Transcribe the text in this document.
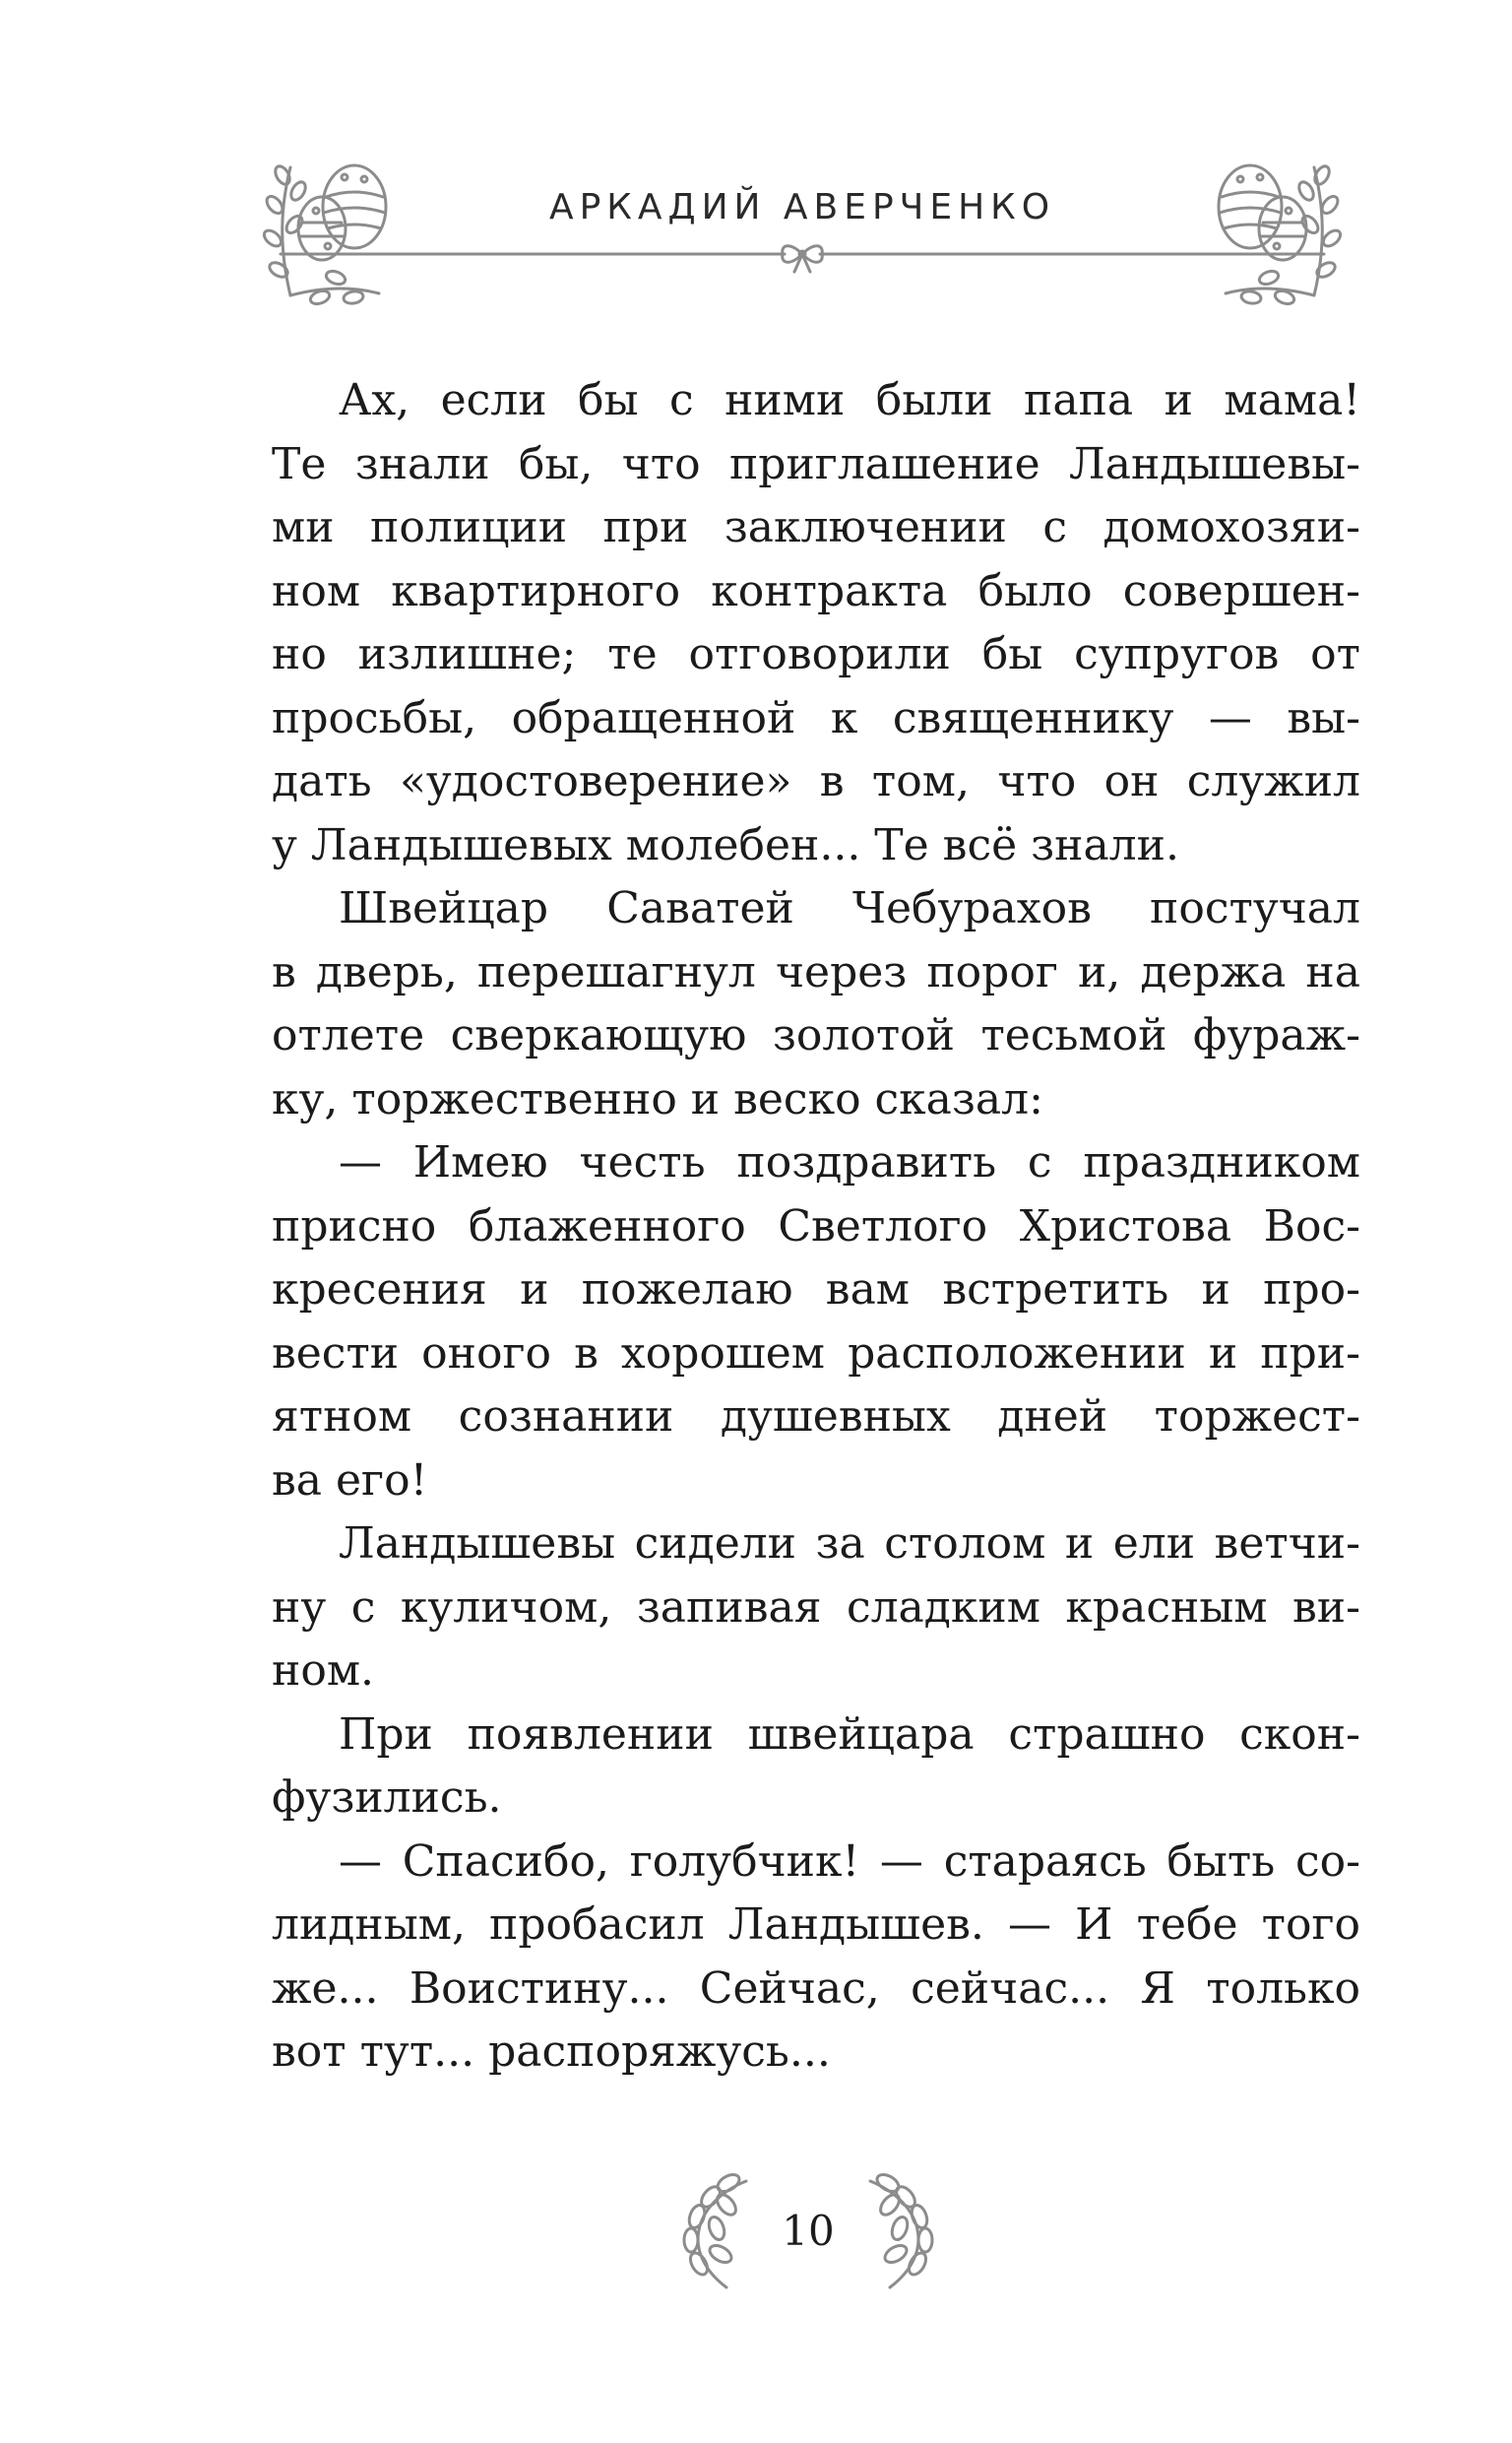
АРКАДИЙ АВЕРЧЕНКО
Ах, если бы с ними были папа и мама!
Те знали бы, что приглашение Ландышевы-
ми полиции при заключении с домохозяи-
ном квартирного контракта было совершен-
но излишне; те отговорили бы супругов от
просьбы, обращенной к священнику — вы-
дать «удостоверение» в том, что он служил
у Ландышевых молебен... Те всё знали.
Швейцар Саватей Чебурахов постучал
в дверь, перешагнул через порог и, держа на
отлете сверкающую золотой тесьмой фураж-
ку, торжественно и веско сказал:
— Имею честь поздравить с праздником
присно блаженного Светлого Христова Вос-
кресения и пожелаю вам встретить и про-
вести оного в хорошем расположении и при-
ятном сознании душевных дней торжест-
ва его!
Ландышевы сидели за столом и ели ветчи-
ну с куличом, запивая сладким красным ви-
ном.
При появлении швейцара страшно скон-
фузились.
— Спасибо, голубчик! — стараясь быть со-
лидным, пробасил Ландышев. — И тебе того
же... Воистину... Сейчас, сейчас... Я только
вот тут... распоряжусь...
10
